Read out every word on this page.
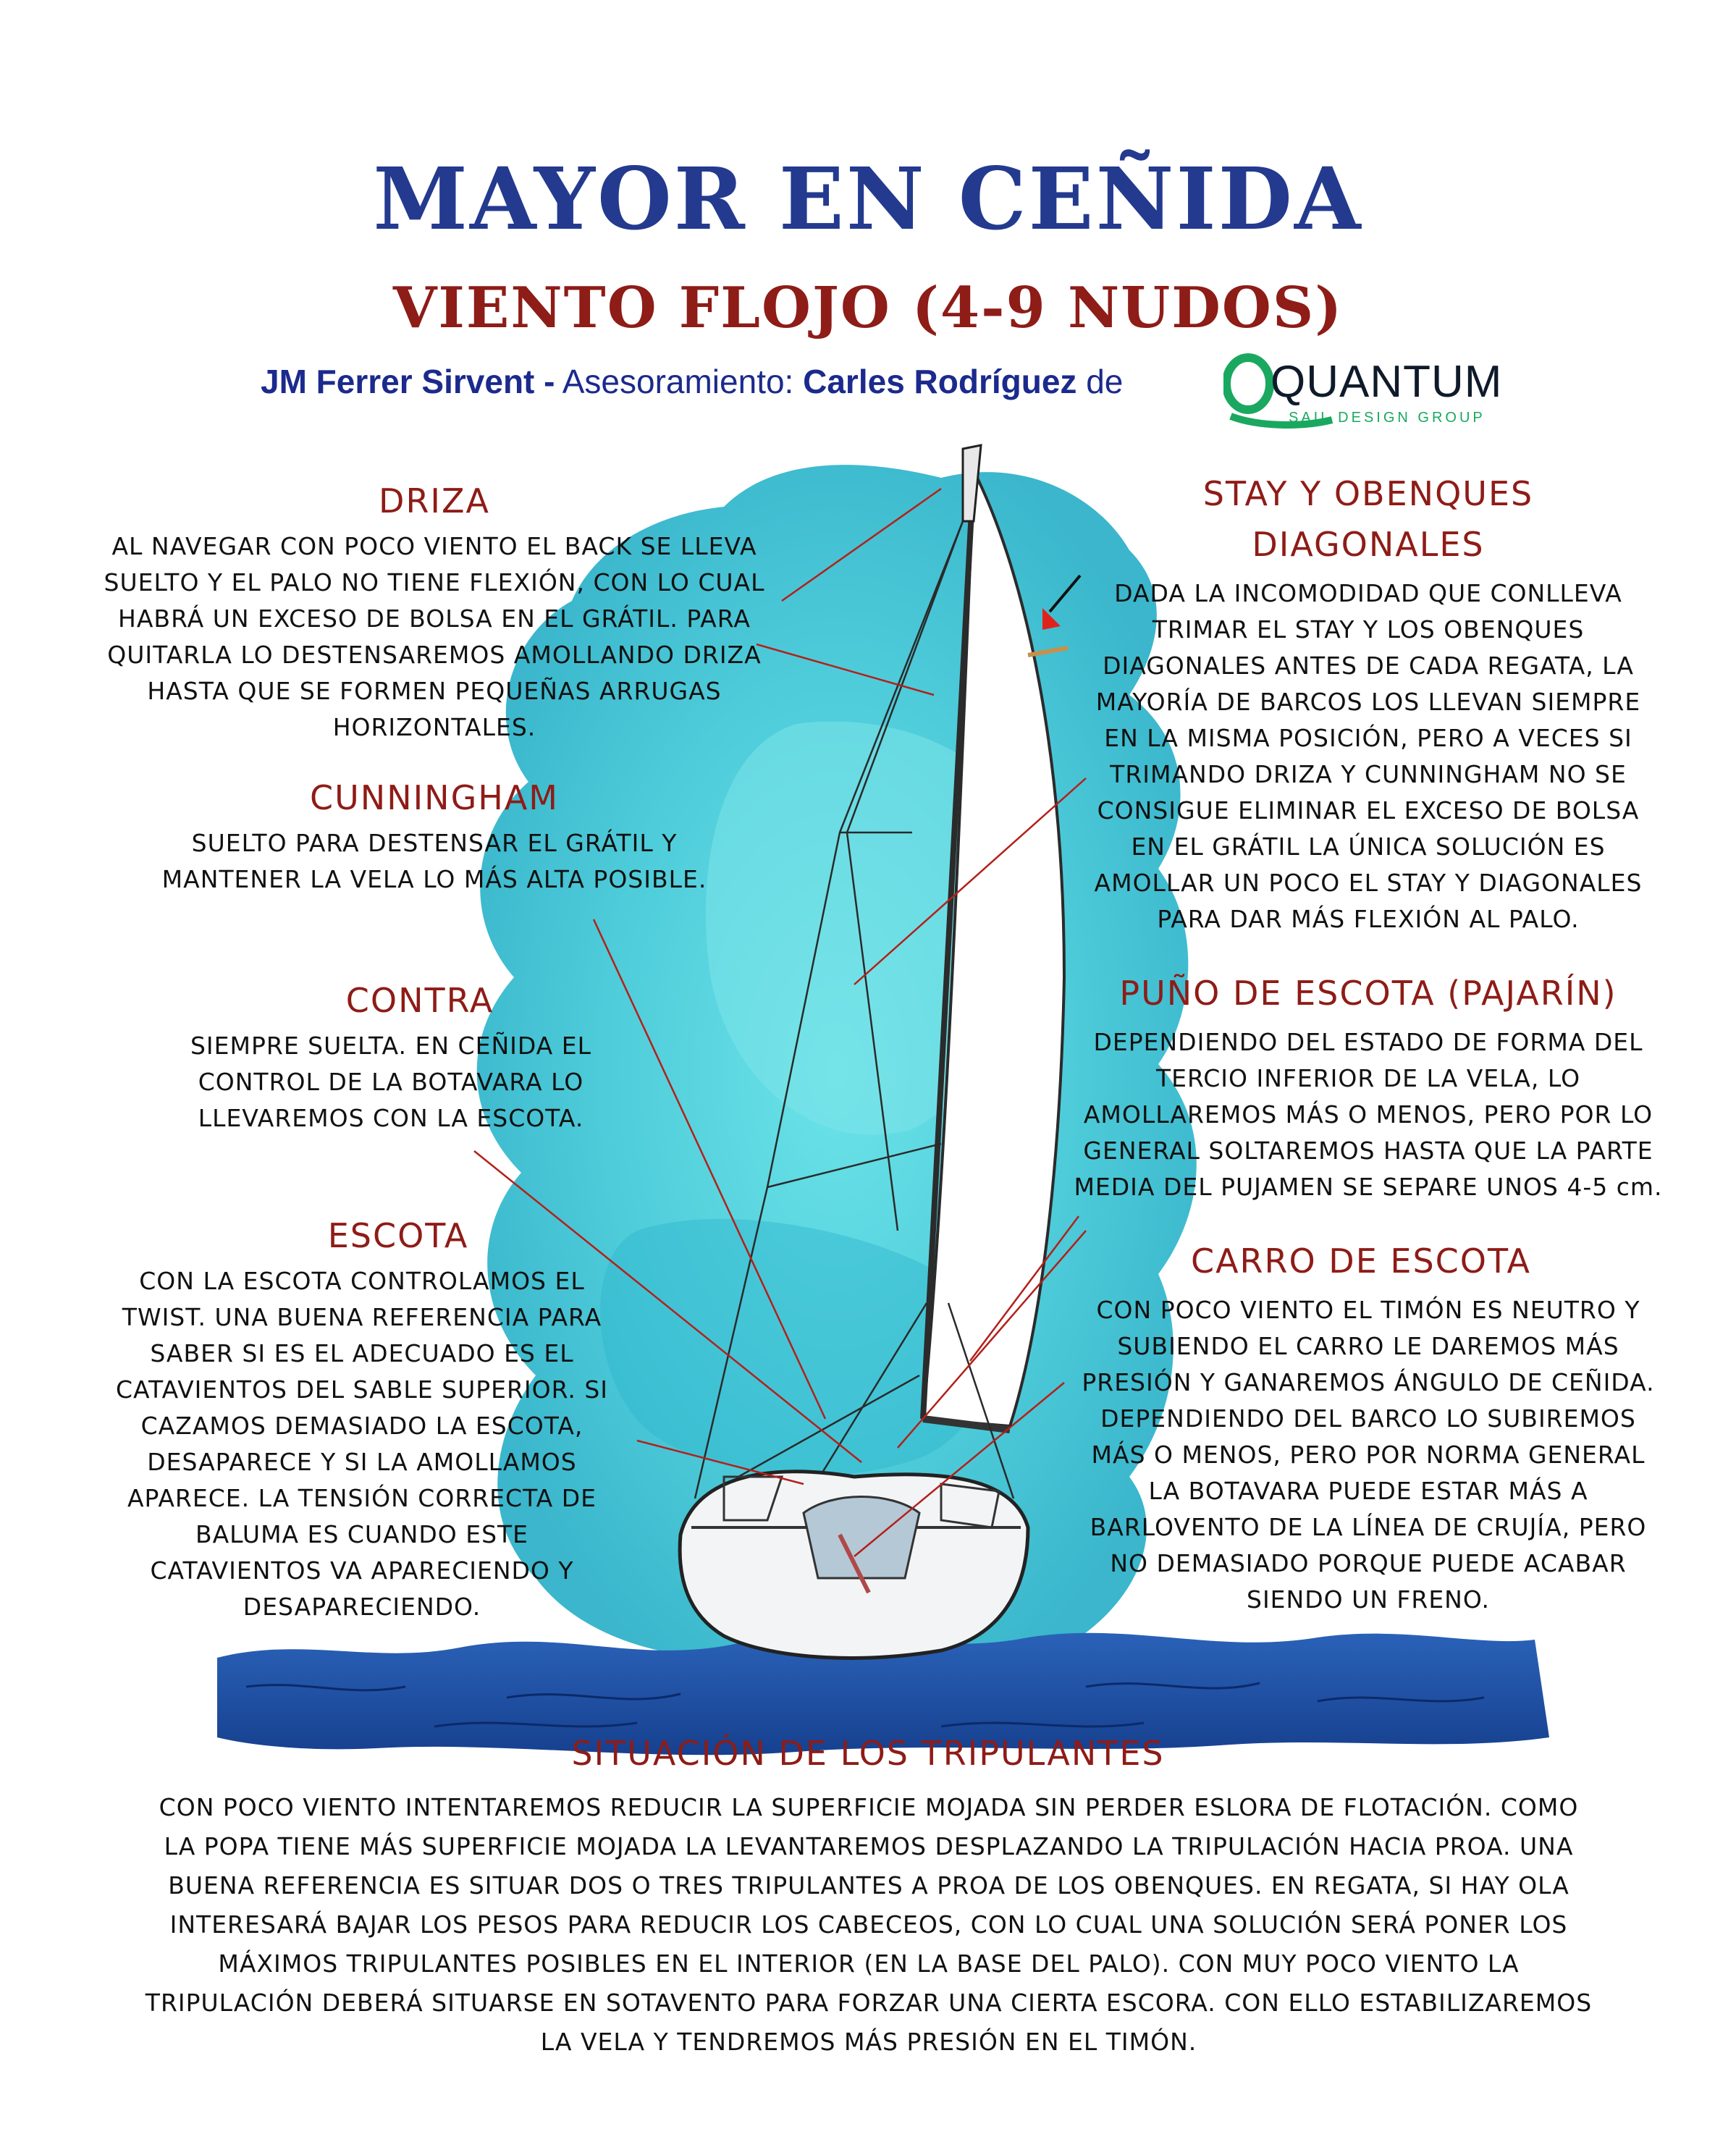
MAYOR EN CEÑIDA
VIENTO FLOJO (4-9 NUDOS)
JM Ferrer Sirvent - Asesoramiento: Carles Rodríguez de	QUANTUM
SAIL DESIGN GROUP
DRIZA
AL NAVEGAR CON POCO VIENTO EL BACK SE LLEVA SUELTO Y EL PALO NO TIENE FLEXIÓN, CON LO CUAL HABRÁ UN EXCESO DE BOLSA EN EL GRÁTIL. PARA QUITARLA LO DESTENSAREMOS AMOLLANDO DRIZA HASTA QUE SE FORMEN PEQUEÑAS ARRUGAS HORIZONTALES.
CUNNINGHAM
SUELTO PARA DESTENSAR EL GRÁTIL Y MANTENER LA VELA LO MÁS ALTA POSIBLE.
CONTRA
SIEMPRE SUELTA. EN CEÑIDA EL CONTROL DE LA BOTAVARA LO LLEVAREMOS CON LA ESCOTA.
ESCOTA
CON LA ESCOTA CONTROLAMOS EL TWIST. UNA BUENA REFERENCIA PARA SABER SI ES EL ADECUADO ES EL CATAVIENTOS DEL SABLE SUPERIOR. SI CAZAMOS DEMASIADO LA ESCOTA, DESAPARECE Y SI LA AMOLLAMOS APARECE. LA TENSIÓN CORRECTA DE BALUMA ES CUANDO ESTE CATAVIENTOS VA APARECIENDO Y DESAPARECIENDO.
STAY Y OBENQUES
DIAGONALES
DADA LA INCOMODIDAD QUE CONLLEVA TRIMAR EL STAY Y LOS OBENQUES DIAGONALES ANTES DE CADA REGATA, LA MAYORÍA DE BARCOS LOS LLEVAN SIEMPRE EN LA MISMA POSICIÓN, PERO A VECES SI TRIMANDO DRIZA Y CUNNINGHAM NO SE CONSIGUE ELIMINAR EL EXCESO DE BOLSA EN EL GRÁTIL LA ÚNICA SOLUCIÓN ES AMOLLAR UN POCO EL STAY Y DIAGONALES PARA DAR MÁS FLEXIÓN AL PALO.
PUÑO DE ESCOTA (PAJARÍN)
DEPENDIENDO DEL ESTADO DE FORMA DEL TERCIO INFERIOR DE LA VELA, LO AMOLLAREMOS MÁS O MENOS, PERO POR LO GENERAL SOLTAREMOS HASTA QUE LA PARTE MEDIA DEL PUJAMEN SE SEPARE UNOS 4-5 cm.
CARRO DE ESCOTA
CON POCO VIENTO EL TIMÓN ES NEUTRO Y SUBIENDO EL CARRO LE DAREMOS MÁS PRESIÓN Y GANAREMOS ÁNGULO DE CEÑIDA. DEPENDIENDO DEL BARCO LO SUBIREMOS MÁS O MENOS, PERO POR NORMA GENERAL LA BOTAVARA PUEDE ESTAR MÁS A BARLOVENTO DE LA LÍNEA DE CRUJÍA, PERO NO DEMASIADO PORQUE PUEDE ACABAR SIENDO UN FRENO.
SITUACIÓN DE LOS TRIPULANTES
CON POCO VIENTO INTENTAREMOS REDUCIR LA SUPERFICIE MOJADA SIN PERDER ESLORA DE FLOTACIÓN. COMO LA POPA TIENE MÁS SUPERFICIE MOJADA LA LEVANTAREMOS DESPLAZANDO LA TRIPULACIÓN HACIA PROA. UNA BUENA REFERENCIA ES SITUAR DOS O TRES TRIPULANTES A PROA DE LOS OBENQUES. EN REGATA, SI HAY OLA INTERESARÁ BAJAR LOS PESOS PARA REDUCIR LOS CABECEOS, CON LO CUAL UNA SOLUCIÓN SERÁ PONER LOS MÁXIMOS TRIPULANTES POSIBLES EN EL INTERIOR (EN LA BASE DEL PALO). CON MUY POCO VIENTO LA TRIPULACIÓN DEBERÁ SITUARSE EN SOTAVENTO PARA FORZAR UNA CIERTA ESCORA. CON ELLO ESTABILIZAREMOS LA VELA Y TENDREMOS MÁS PRESIÓN EN EL TIMÓN.
